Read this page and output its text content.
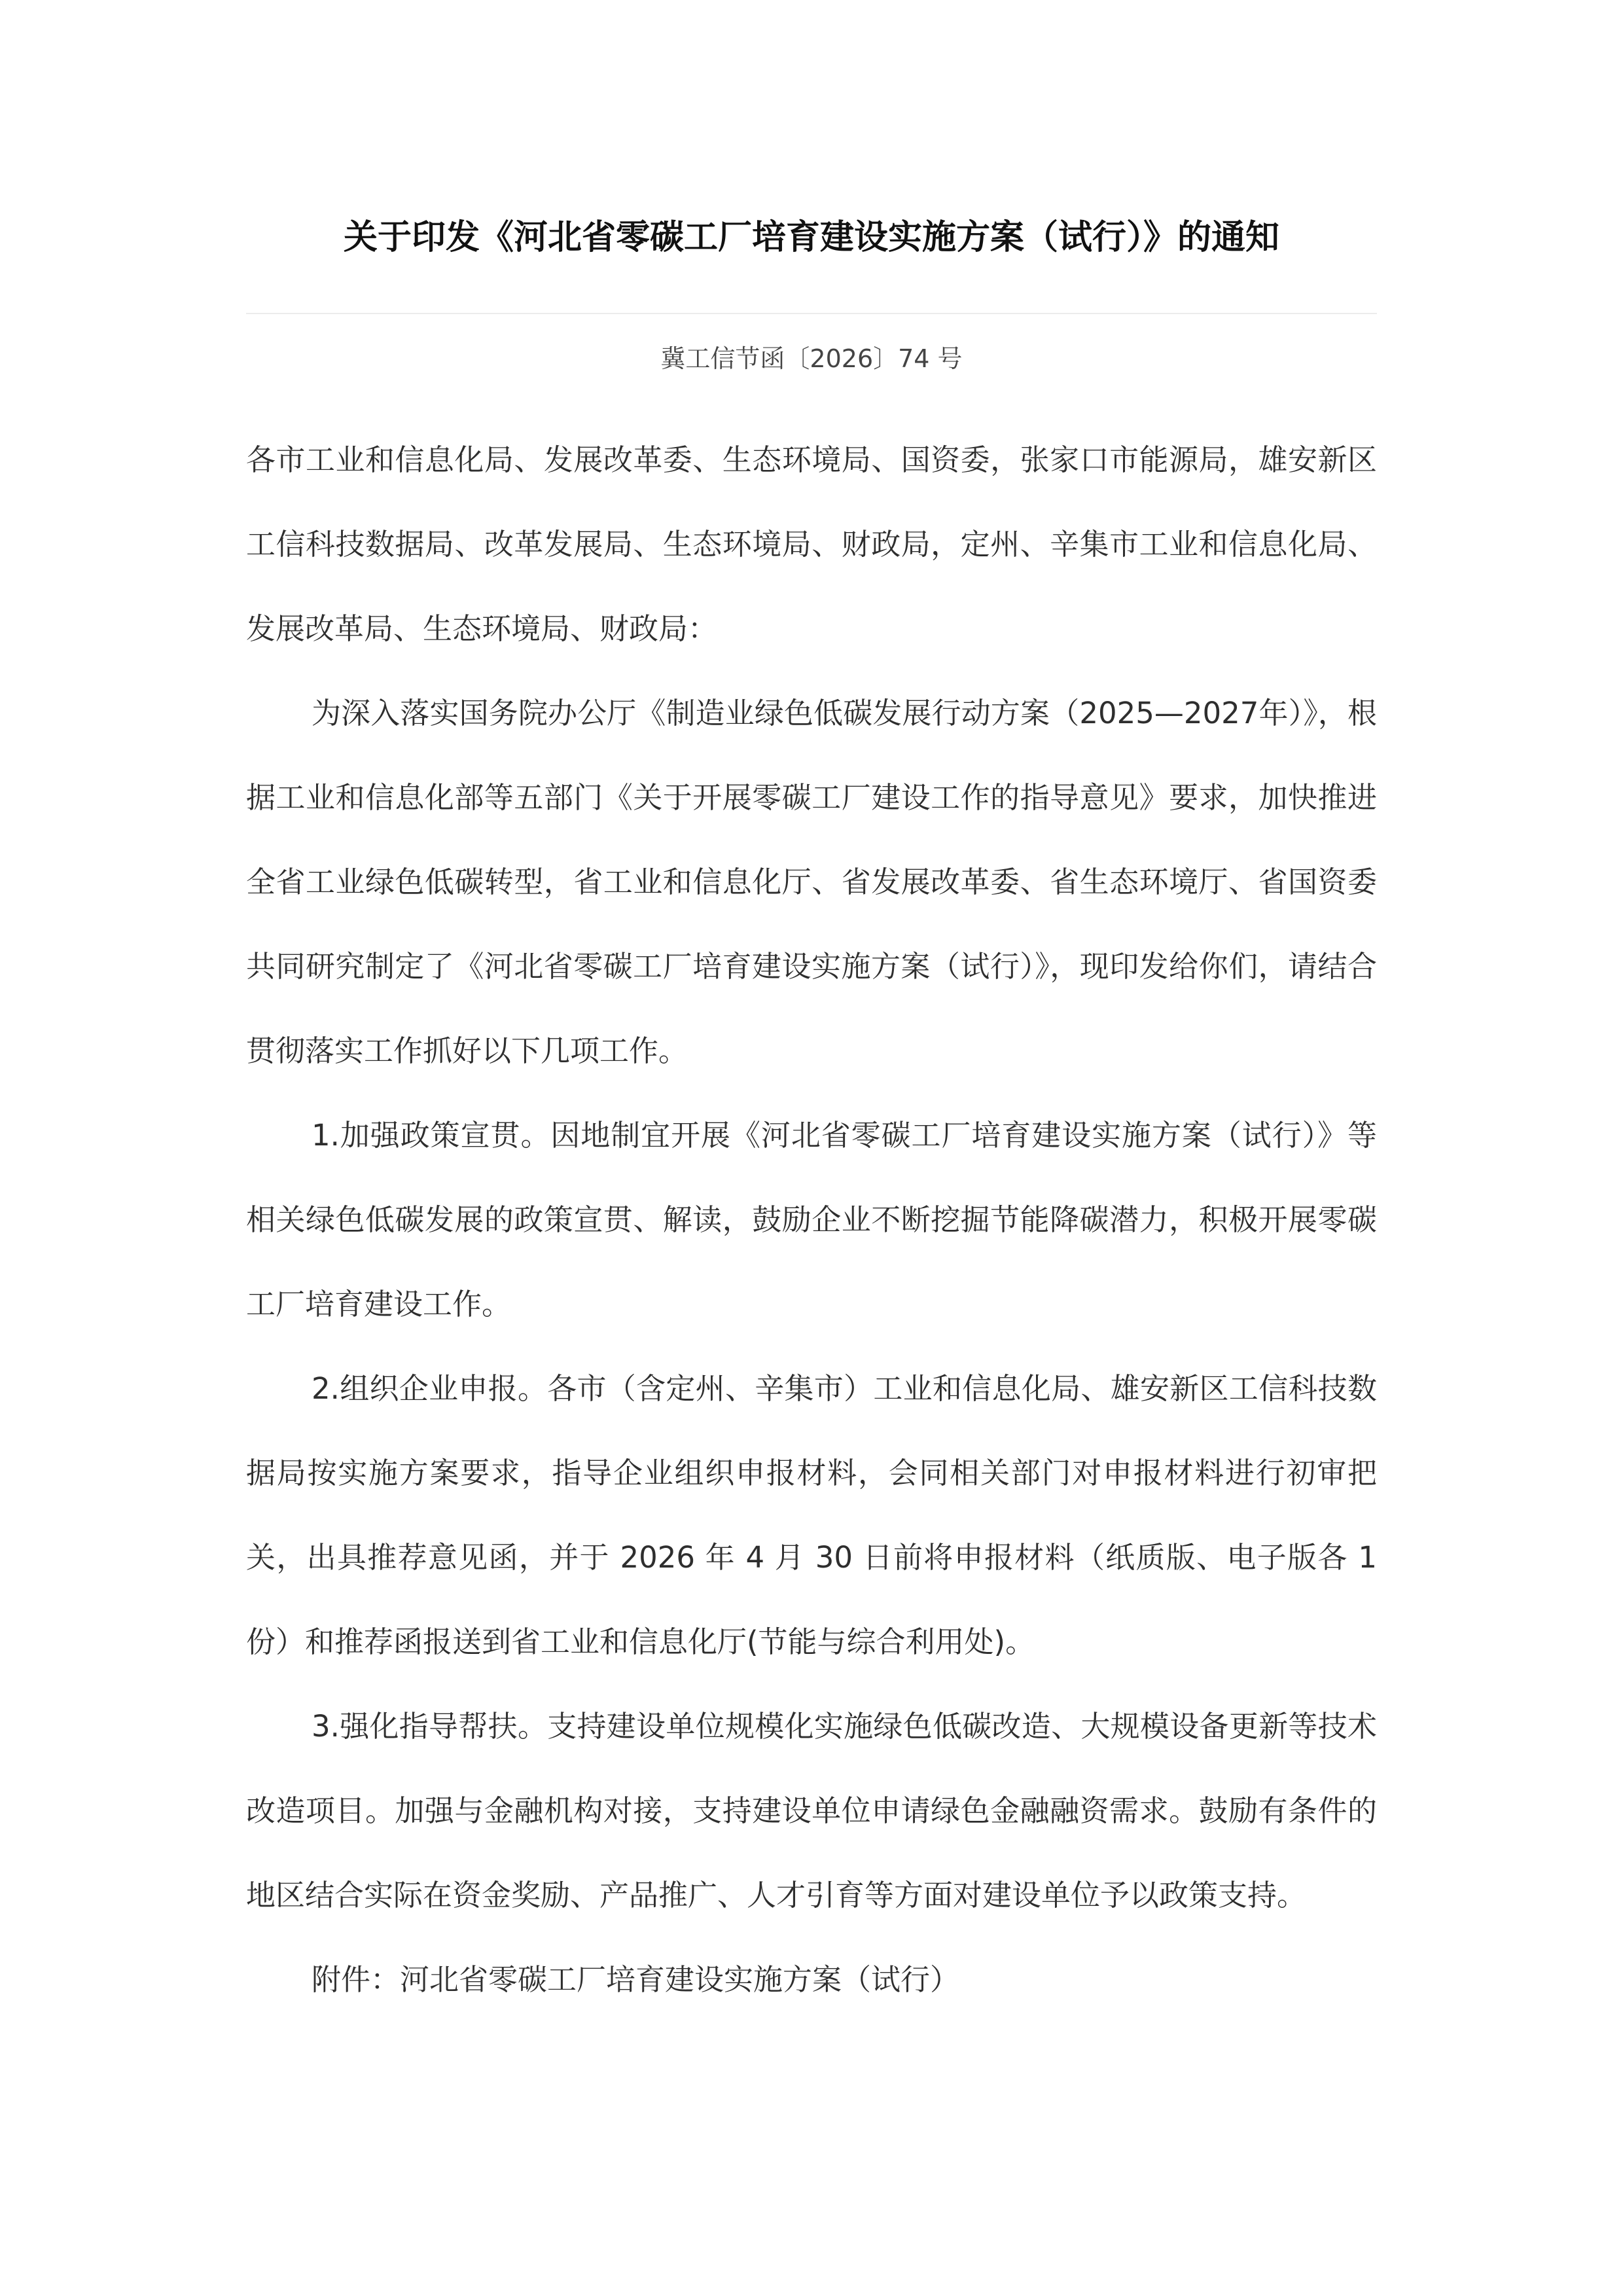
关于印发《河北省零碳工厂培育建设实施方案（试行）》的通知
冀工信节函〔2026〕74 号

各市工业和信息化局、发展改革委、生态环境局、国资委，张家口市能源局，雄安新区工信科技数据局、改革发展局、生态环境局、财政局，定州、辛集市工业和信息化局、发展改革局、生态环境局、财政局：

为深入落实国务院办公厅《制造业绿色低碳发展行动方案（2025—2027年）》，根据工业和信息化部等五部门《关于开展零碳工厂建设工作的指导意见》要求，加快推进全省工业绿色低碳转型，省工业和信息化厅、省发展改革委、省生态环境厅、省国资委共同研究制定了《河北省零碳工厂培育建设实施方案（试行）》，现印发给你们，请结合贯彻落实工作抓好以下几项工作。

1.加强政策宣贯。因地制宜开展《河北省零碳工厂培育建设实施方案（试行）》等相关绿色低碳发展的政策宣贯、解读，鼓励企业不断挖掘节能降碳潜力，积极开展零碳工厂培育建设工作。

2.组织企业申报。各市（含定州、辛集市）工业和信息化局、雄安新区工信科技数据局按实施方案要求，指导企业组织申报材料，会同相关部门对申报材料进行初审把关，出具推荐意见函，并于 2026 年 4 月 30 日前将申报材料（纸质版、电子版各 1 份）和推荐函报送到省工业和信息化厅(节能与综合利用处)。

3.强化指导帮扶。支持建设单位规模化实施绿色低碳改造、大规模设备更新等技术改造项目。加强与金融机构对接，支持建设单位申请绿色金融融资需求。鼓励有条件的地区结合实际在资金奖励、产品推广、人才引育等方面对建设单位予以政策支持。

附件：河北省零碳工厂培育建设实施方案（试行）
